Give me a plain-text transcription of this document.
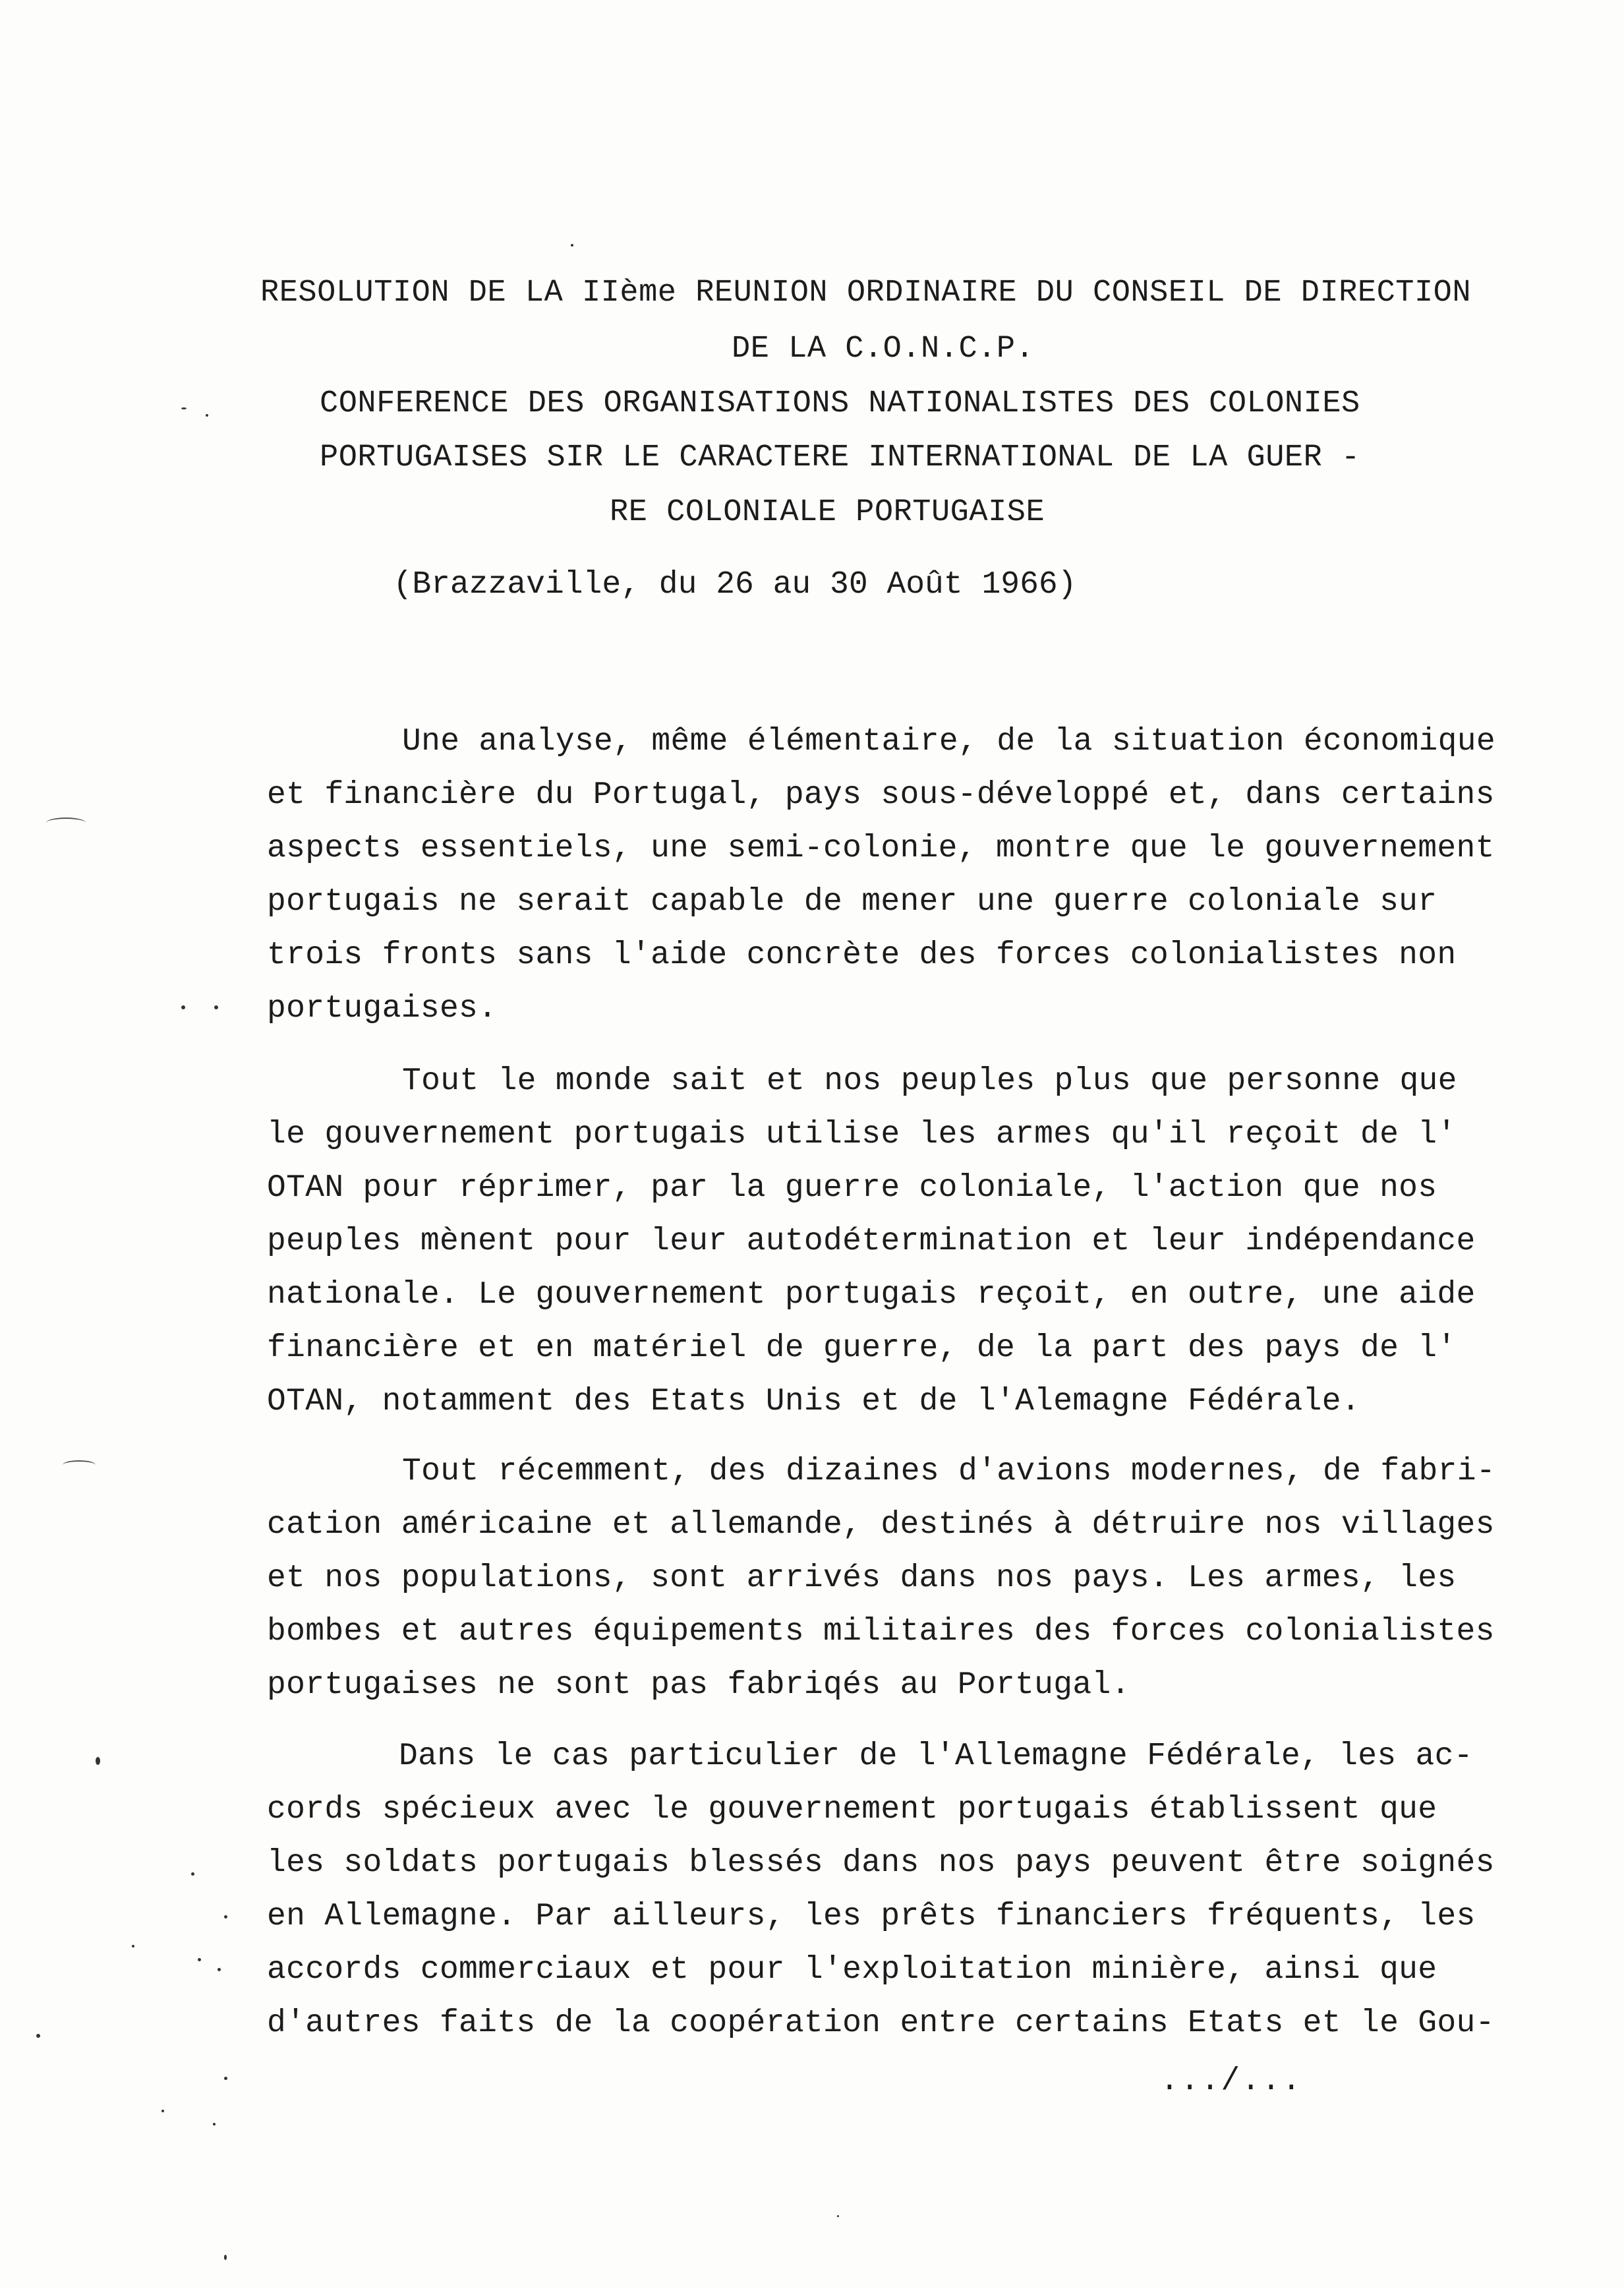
RESOLUTION DE LA IIème REUNION ORDINAIRE DU CONSEIL DE DIRECTION
DE LA C.O.N.C.P.
CONFERENCE DES ORGANISATIONS NATIONALISTES DES COLONIES
PORTUGAISES SIR LE CARACTERE INTERNATIONAL DE LA GUER -
RE COLONIALE PORTUGAISE
(Brazzaville, du 26 au 30 Août 1966)
Une analyse, même élémentaire, de la situation économique
et financière du Portugal, pays sous-développé et, dans certains
aspects essentiels, une semi-colonie, montre que le gouvernement
portugais ne serait capable de mener une guerre coloniale sur
trois fronts sans l'aide concrète des forces colonialistes non
portugaises.
Tout le monde sait et nos peuples plus que personne que
le gouvernement portugais utilise les armes qu'il reçoit de l'
OTAN pour réprimer, par la guerre coloniale, l'action que nos
peuples mènent pour leur autodétermination et leur indépendance
nationale. Le gouvernement portugais reçoit, en outre, une aide
financière et en matériel de guerre, de la part des pays de l'
OTAN, notamment des Etats Unis et de l'Alemagne Fédérale.
Tout récemment, des dizaines d'avions modernes, de fabri-
cation américaine et allemande, destinés à détruire nos villages
et nos populations, sont arrivés dans nos pays. Les armes, les
bombes et autres équipements militaires des forces colonialistes
portugaises ne sont pas fabriqés au Portugal.
Dans le cas particulier de l'Allemagne Fédérale, les ac-
cords spécieux avec le gouvernement portugais établissent que
les soldats portugais blessés dans nos pays peuvent être soignés
en Allemagne. Par ailleurs, les prêts financiers fréquents, les
accords commerciaux et pour l'exploitation minière, ainsi que
d'autres faits de la coopération entre certains Etats et le Gou-
.../...
